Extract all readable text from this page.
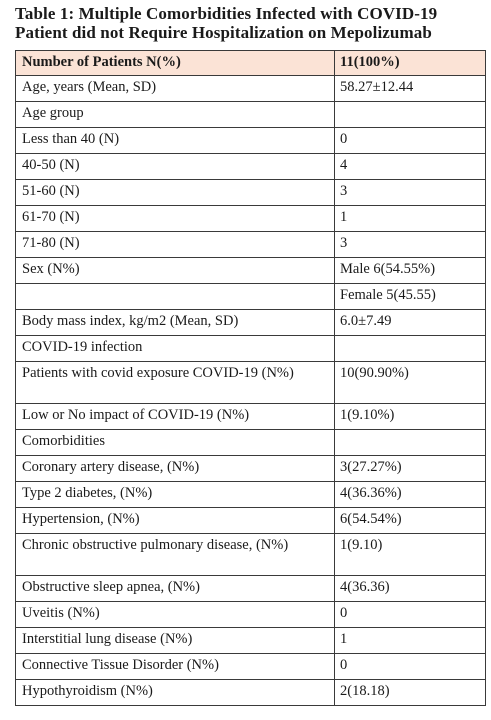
Table 1: Multiple Comorbidities Infected with COVID-19
Patient did not Require Hospitalization on Mepolizumab
Number of Patients N(%)	11(100%)
Age, years (Mean, SD)	58.27±12.44
Age group	
Less than 40 (N)	0
40-50 (N)	4
51-60 (N)	3
61-70 (N)	1
71-80 (N)	3
Sex (N%)	Male 6(54.55%)
	Female 5(45.55)
Body mass index, kg/m2 (Mean, SD)	6.0±7.49
COVID-19 infection	
Patients with covid exposure COVID-19 (N%)	10(90.90%)
Low or No impact of COVID-19 (N%)	1(9.10%)
Comorbidities	
Coronary artery disease, (N%)	3(27.27%)
Type 2 diabetes, (N%)	4(36.36%)
Hypertension, (N%)	6(54.54%)
Chronic obstructive pulmonary disease, (N%)	1(9.10)
Obstructive sleep apnea, (N%)	4(36.36)
Uveitis (N%)	0
Interstitial lung disease (N%)	1
Connective Tissue Disorder (N%)	0
Hypothyroidism (N%)	2(18.18)
